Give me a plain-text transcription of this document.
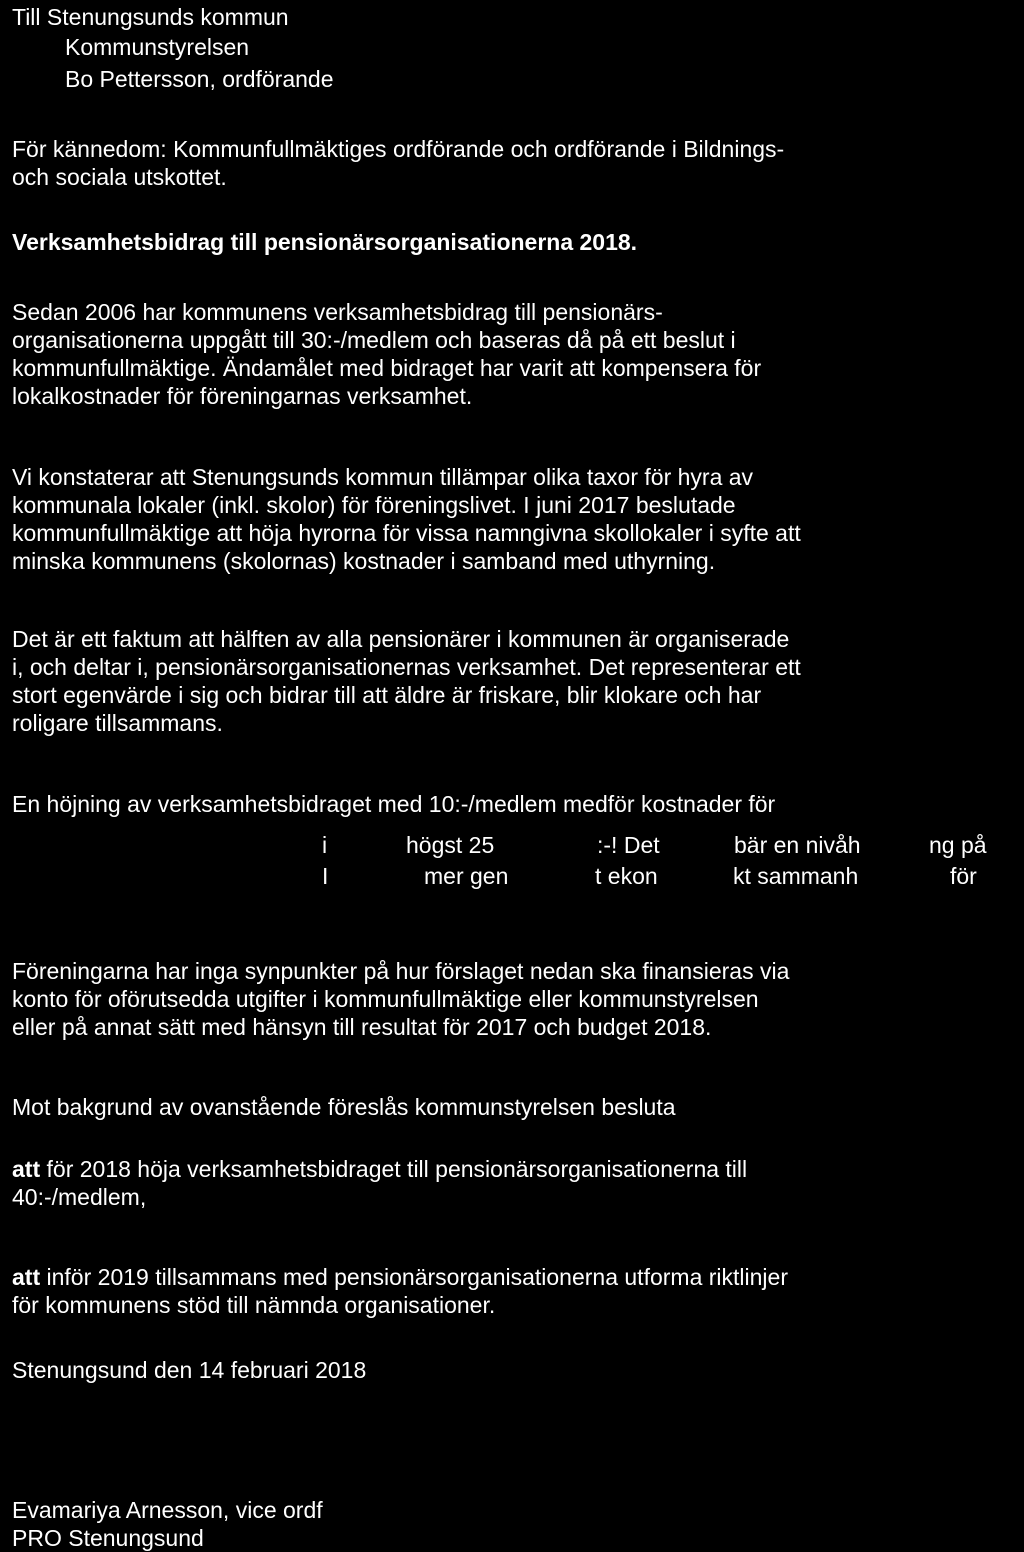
Till Stenungsunds kommun
Kommunstyrelsen
Bo Pettersson, ordförande
För kännedom: Kommunfullmäktiges ordförande och ordförande i Bildnings-
och sociala utskottet.
Verksamhetsbidrag till pensionärsorganisationerna 2018.
Sedan 2006 har kommunens verksamhetsbidrag till pensionärs-
organisationerna uppgått till 30:-/medlem och baseras då på ett beslut i
kommunfullmäktige. Ändamålet med bidraget har varit att kompensera för
lokalkostnader för föreningarnas verksamhet.
Vi konstaterar att Stenungsunds kommun tillämpar olika taxor för hyra av
kommunala lokaler (inkl. skolor) för föreningslivet. I juni 2017 beslutade
kommunfullmäktige att höja hyrorna för vissa namngivna skollokaler i syfte att
minska kommunens (skolornas) kostnader i samband med uthyrning.
Det är ett faktum att hälften av alla pensionärer i kommunen är organiserade
i, och deltar i, pensionärsorganisationernas verksamhet. Det representerar ett
stort egenvärde i sig och bidrar till att äldre är friskare, blir klokare och har
roligare tillsammans.
En höjning av verksamhetsbidraget med 10:-/medlem medför kostnader för
i	högst 25	:-! Det	bär en nivåh	ng på
I	mer gen	t ekon	kt sammanh	för
Föreningarna har inga synpunkter på hur förslaget nedan ska finansieras via
konto för oförutsedda utgifter i kommunfullmäktige eller kommunstyrelsen
eller på annat sätt med hänsyn till resultat för 2017 och budget 2018.
Mot bakgrund av ovanstående föreslås kommunstyrelsen besluta
att för 2018 höja verksamhetsbidraget till pensionärsorganisationerna till
40:-/medlem,
att inför 2019 tillsammans med pensionärsorganisationerna utforma riktlinjer
för kommunens stöd till nämnda organisationer.
Stenungsund den 14 februari 2018
Evamariya Arnesson, vice ordf
PRO Stenungsund
